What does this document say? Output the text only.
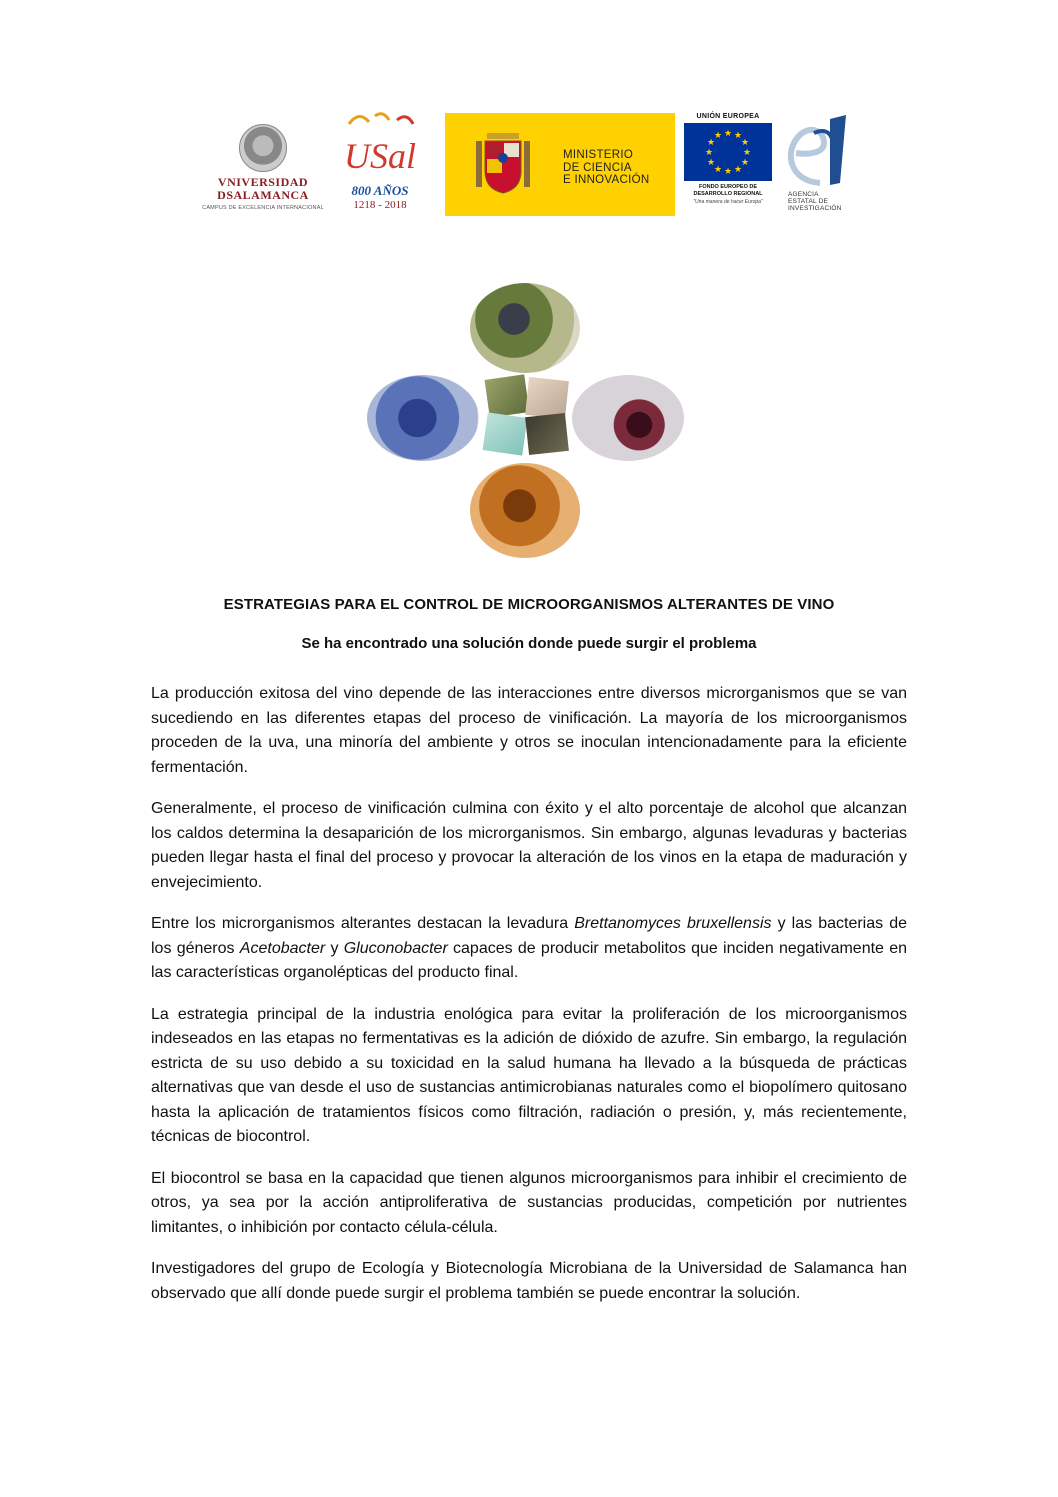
VNIVERSIDAD
DSALAMANCA
CAMPUS DE EXCELENCIA INTERNACIONAL
USal
800 AÑOS
1218 - 2018
MINISTERIO
DE CIENCIA
E INNOVACIÓN
UNIÓN EUROPEA
★ ★
★
★
★
★
★
★
★
★
★
★
FONDO EUROPEO DE
DESARROLLO REGIONAL
"Una manera de hacer Europa"
AGENCIA
ESTATAL DE
INVESTIGACIÓN
ESTRATEGIAS PARA EL CONTROL DE MICROORGANISMOS ALTERANTES DE VINO
Se ha encontrado una solución donde puede surgir el problema

La producción exitosa del vino depende de las interacciones entre diversos microrganismos que se van sucediendo en las diferentes etapas del proceso de vinificación. La mayoría de los microorganismos proceden de la uva, una minoría del ambiente y otros se inoculan intencionadamente para la eficiente fermentación.

Generalmente, el proceso de vinificación culmina con éxito y el alto porcentaje de alcohol que alcanzan los caldos determina la desaparición de los microrganismos. Sin embargo, algunas levaduras y bacterias pueden llegar hasta el final del proceso y provocar la alteración de los vinos en la etapa de maduración y envejecimiento.

Entre los microrganismos alterantes destacan la levadura Brettanomyces bruxellensis y las bacterias de los géneros Acetobacter y Gluconobacter capaces de producir metabolitos que inciden negativamente en las características organolépticas del producto final.

La estrategia principal de la industria enológica para evitar la proliferación de los microorganismos indeseados en las etapas no fermentativas es la adición de dióxido de azufre. Sin embargo, la regulación estricta de su uso debido a su toxicidad en la salud humana ha llevado a la búsqueda de prácticas alternativas que van desde el uso de sustancias antimicrobianas naturales como el biopolímero quitosano hasta la aplicación de tratamientos físicos como filtración, radiación o presión, y, más recientemente, técnicas de biocontrol.

El biocontrol se basa en la capacidad que tienen algunos microorganismos para inhibir el crecimiento de otros, ya sea por la acción antiproliferativa de sustancias producidas, competición por nutrientes limitantes, o inhibición por contacto célula-célula.

Investigadores del grupo de Ecología y Biotecnología Microbiana de la Universidad de Salamanca han observado que allí donde puede surgir el problema también se puede encontrar la solución.
